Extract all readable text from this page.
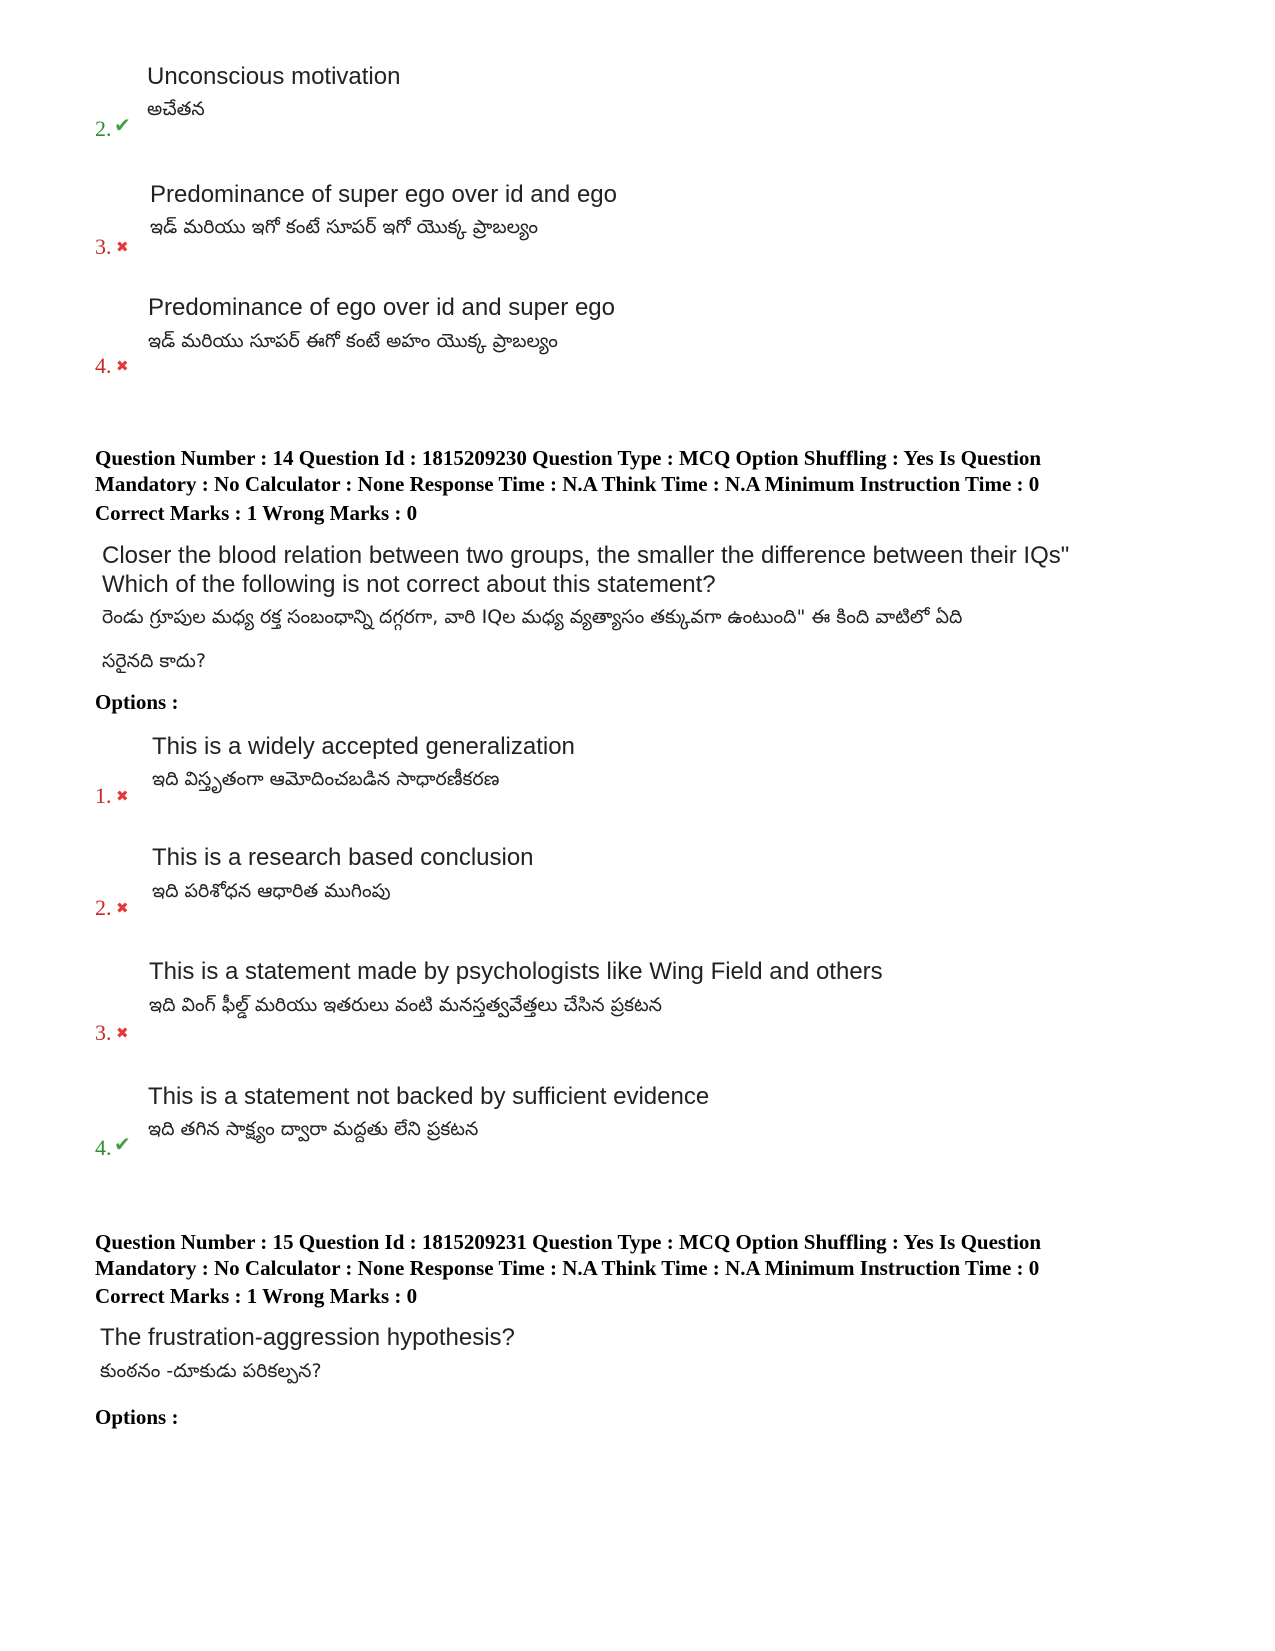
Unconscious motivation
అచేతన
2. ✔
Predominance of super ego over id and ego
ఇడ్ మరియు ఇగో కంటే సూపర్ ఇగో యొక్క ప్రాబల్యం
3. ✖
Predominance of ego over id and super ego
ఇడ్ మరియు సూపర్ ఈగో కంటే అహం యొక్క ప్రాబల్యం
4. ✖
Question Number : 14 Question Id : 1815209230 Question Type : MCQ Option Shuffling : Yes Is Question
Mandatory : No Calculator : None Response Time : N.A Think Time : N.A Minimum Instruction Time : 0
Correct Marks : 1 Wrong Marks : 0
Closer the blood relation between two groups, the smaller the difference between their IQs"
Which of the following is not correct about this statement?
రెండు గ్రూపుల మధ్య రక్త సంబంధాన్ని దగ్గరగా, వారి IQల మధ్య వ్యత్యాసం తక్కువగా ఉంటుంది" ఈ కింది వాటిలో ఏది
సరైనది కాదు?
Options :
This is a widely accepted generalization
ఇది విస్తృతంగా ఆమోదించబడిన సాధారణీకరణ
1. ✖
This is a research based conclusion
ఇది పరిశోధన ఆధారిత ముగింపు
2. ✖
This is a statement made by psychologists like Wing Field and others
ఇది వింగ్ ఫీల్డ్ మరియు ఇతరులు వంటి మనస్తత్వవేత్తలు చేసిన ప్రకటన
3. ✖
This is a statement not backed by sufficient evidence
ఇది తగిన సాక్ష్యం ద్వారా మద్దతు లేని ప్రకటన
4. ✔
Question Number : 15 Question Id : 1815209231 Question Type : MCQ Option Shuffling : Yes Is Question
Mandatory : No Calculator : None Response Time : N.A Think Time : N.A Minimum Instruction Time : 0
Correct Marks : 1 Wrong Marks : 0
The frustration-aggression hypothesis?
కుంఠనం -దూకుడు పరికల్పన?
Options :
